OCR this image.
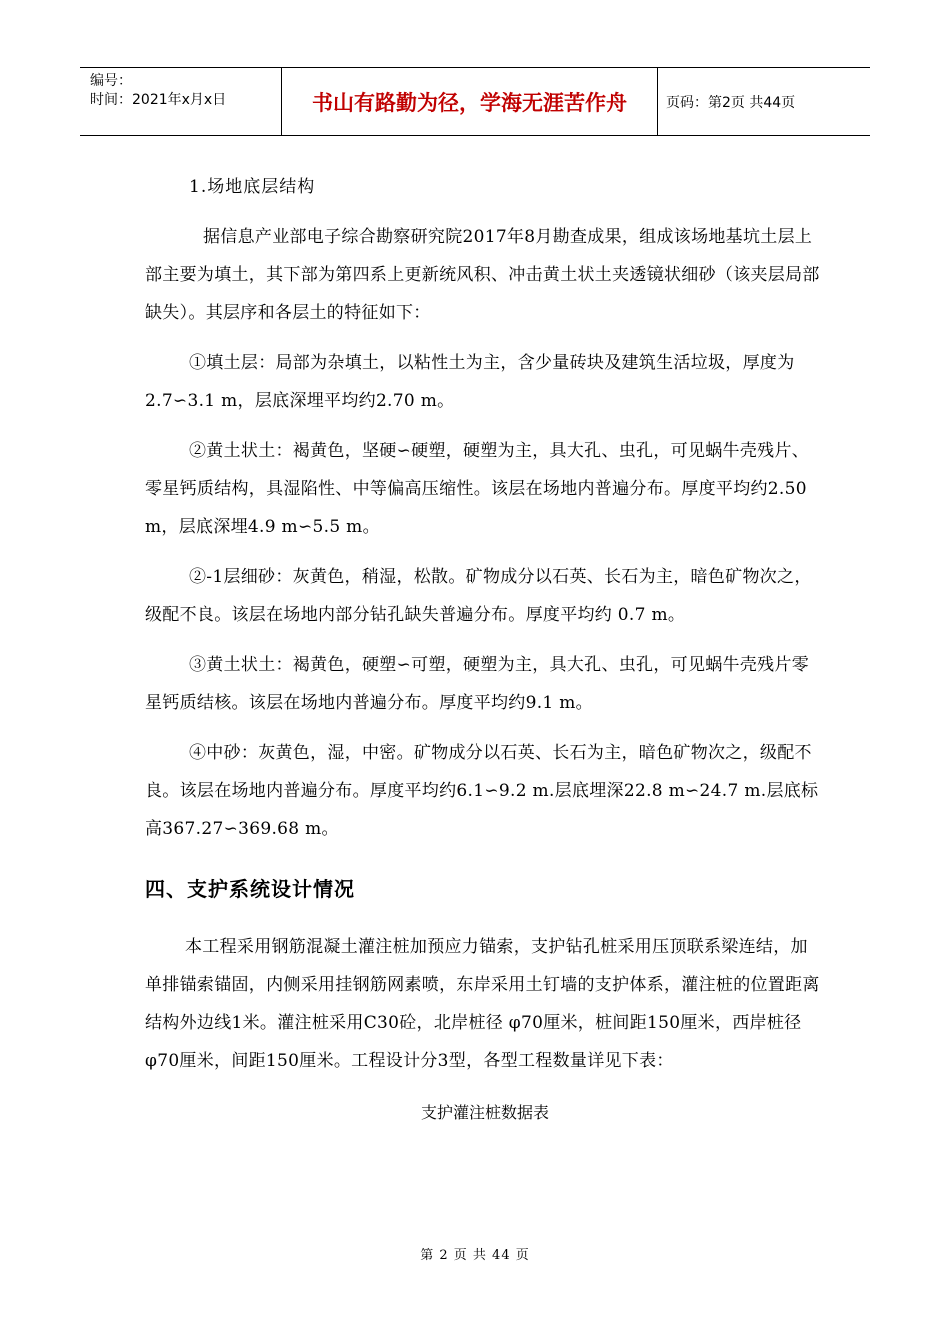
编号：
时间：2021年x月x日	书山有路勤为径，学海无涯苦作舟	页码：第2页 共44页

1.场地底层结构

据信息产业部电子综合勘察研究院2017年8月勘查成果，组成该场地基坑土层上部主要为填土，其下部为第四系上更新统风积、冲击黄土状土夹透镜状细砂（该夹层局部缺失）。其层序和各层土的特征如下：

①填土层：局部为杂填土，以粘性土为主，含少量砖块及建筑生活垃圾，厚度为2.7∽3.1 m，层底深埋平均约2.70 m。

②黄土状土：褐黄色，坚硬∽硬塑，硬塑为主，具大孔、虫孔，可见蜗牛壳残片、零星钙质结构，具湿陷性、中等偏高压缩性。该层在场地内普遍分布。厚度平均约2.50 m，层底深埋4.9 m∽5.5 m。

②-1层细砂：灰黄色，稍湿，松散。矿物成分以石英、长石为主，暗色矿物次之，级配不良。该层在场地内部分钻孔缺失普遍分布。厚度平均约 0.7 m。

③黄土状土：褐黄色，硬塑∽可塑，硬塑为主，具大孔、虫孔，可见蜗牛壳残片零星钙质结核。该层在场地内普遍分布。厚度平均约9.1 m。

④中砂：灰黄色，湿，中密。矿物成分以石英、长石为主，暗色矿物次之，级配不良。该层在场地内普遍分布。厚度平均约6.1∽9.2 m.层底埋深22.8 m∽24.7 m.层底标高367.27∽369.68 m。

四、支护系统设计情况

本工程采用钢筋混凝土灌注桩加预应力锚索，支护钻孔桩采用压顶联系梁连结，加单排锚索锚固，内侧采用挂钢筋网素喷，东岸采用土钉墙的支护体系，灌注桩的位置距离结构外边线1米。灌注桩采用C30砼，北岸桩径 φ70厘米，桩间距150厘米，西岸桩径 φ70厘米，间距150厘米。工程设计分3型，各型工程数量详见下表：

支护灌注桩数据表
第 2 页 共 44 页
